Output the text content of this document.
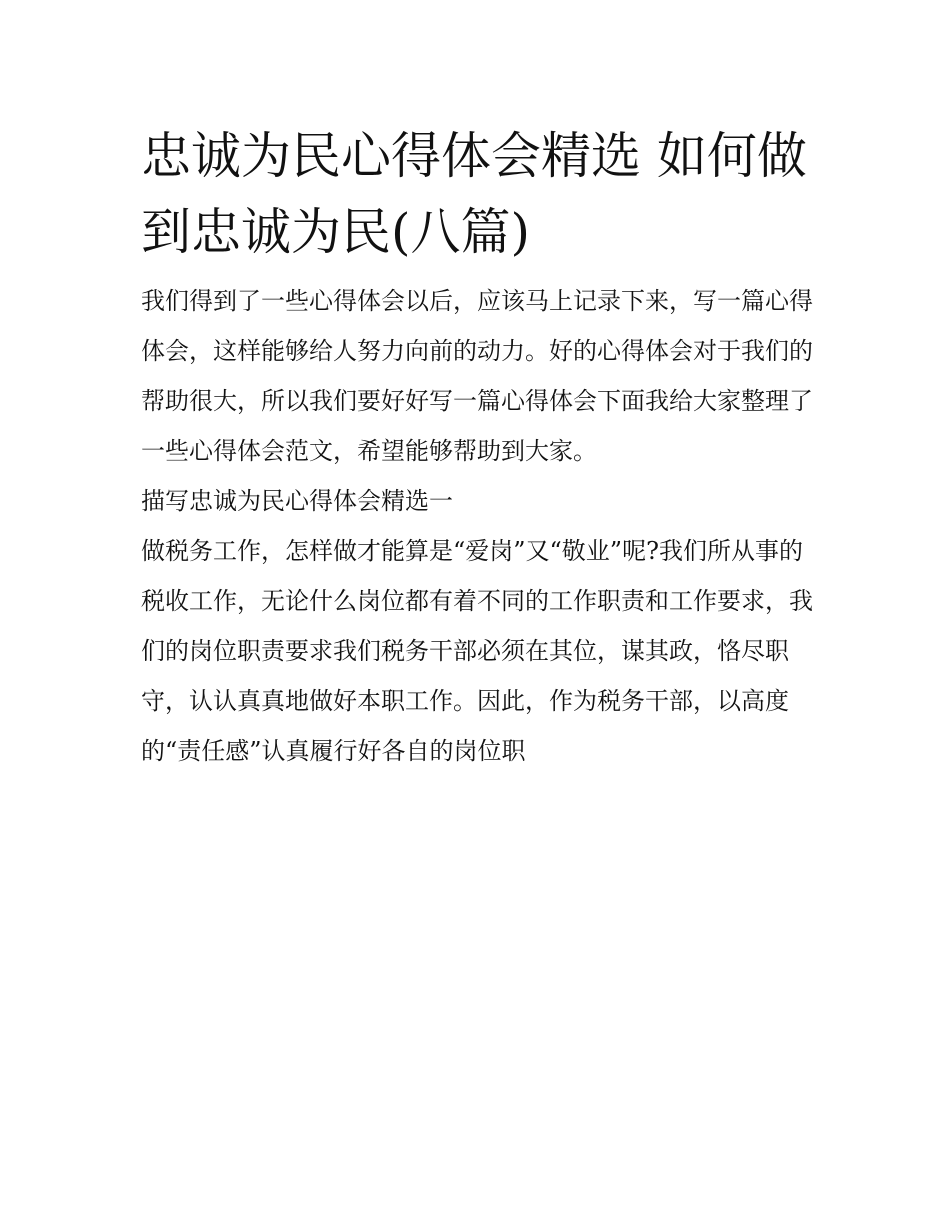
忠诚为民心得体会精选 如何做到忠诚为民(八篇)

我们得到了一些心得体会以后，应该马上记录下来，写一篇心得体会，这样能够给人努力向前的动力。好的心得体会对于我们的帮助很大，所以我们要好好写一篇心得体会下面我给大家整理了一些心得体会范文，希望能够帮助到大家。

描写忠诚为民心得体会精选一

做税务工作，怎样做才能算是“爱岗”又“敬业”呢?我们所从事的税收工作，无论什么岗位都有着不同的工作职责和工作要求，我们的岗位职责要求我们税务干部必须在其位，谋其政，恪尽职守，认认真真地做好本职工作。因此，作为税务干部，以高度的“责任感”认真履行好各自的岗位职
